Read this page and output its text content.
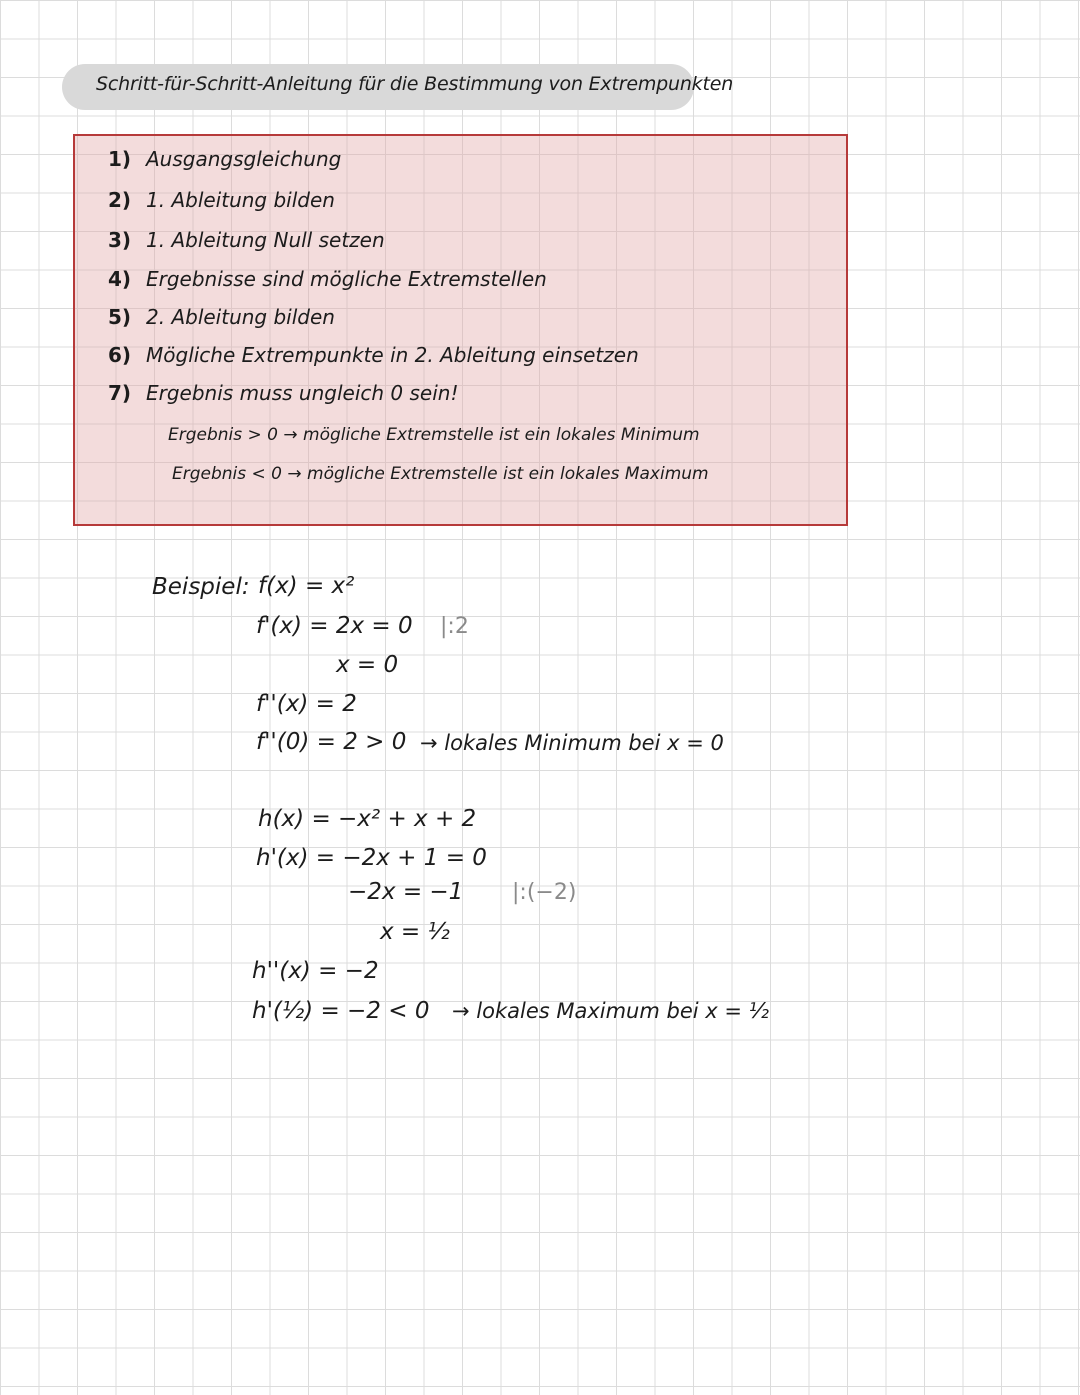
Schritt-für-Schritt-Anleitung für die Bestimmung von Extrempunkten
1) Ausgangsgleichung
2) 1. Ableitung bilden
3) 1. Ableitung Null setzen
4) Ergebnisse sind mögliche Extremstellen
5) 2. Ableitung bilden
6) Mögliche Extrempunkte in 2. Ableitung einsetzen
7) Ergebnis muss ungleich 0 sein!
Ergebnis > 0 → mögliche Extremstelle ist ein lokales Minimum
Ergebnis < 0 → mögliche Extremstelle ist ein lokales Maximum
Beispiel: f(x) = x²
f'(x) = 2x = 0 |:2
x = 0
f''(x) = 2
f''(0) = 2 > 0 → lokales Minimum bei x = 0
h(x) = −x² + x + 2
h'(x) = −2x + 1 = 0
−2x = −1 |:(−2)
x = ½
h''(x) = −2
h'(½) = −2 < 0 → lokales Maximum bei x = ½
